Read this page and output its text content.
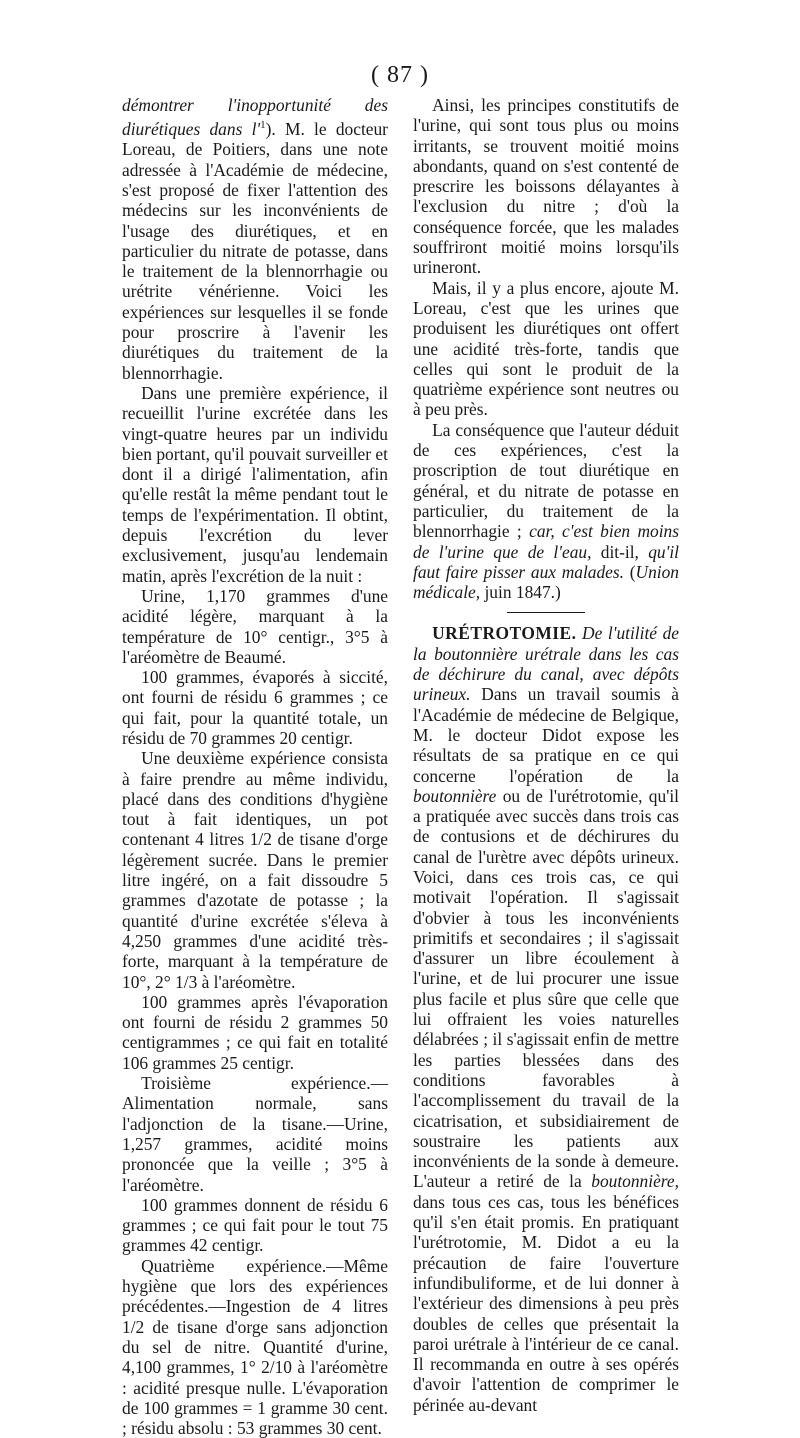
( 87 )

démontrer l'inopportunité des diurétiques dans $l'^1$). M. le docteur Loreau, de Poitiers, dans une note adressée à l'Académie de médecine, s'est proposé de fixer l'attention des médecins sur les inconvénients de l'usage des diurétiques, et en particulier du nitrate de potasse, dans le traitement de la blennorrhagie ou urétrite vénérienne. Voici les expériences sur lesquelles il se fonde pour proscrire à l'avenir les diurétiques du traitement de la blennorrhagie.

Dans une première expérience, il recueillit l'urine excrétée dans les vingt-quatre heures par un individu bien portant, qu'il pouvait surveiller et dont il a dirigé l'alimentation, afin qu'elle restât la même pendant tout le temps de l'expérimentation. Il obtint, depuis l'excrétion du lever exclusivement, jusqu'au lendemain matin, après l'excrétion de la nuit :

Urine, 1,170 grammes d'une acidité légère, marquant à la température de 10° centigr., 3°5 à l'aréomètre de Beaumé.

100 grammes, évaporés à siccité, ont fourni de résidu 6 grammes ; ce qui fait, pour la quantité totale, un résidu de 70 grammes 20 centigr.

Une deuxième expérience consista à faire prendre au même individu, placé dans des conditions d'hygiène tout à fait identiques, un pot contenant 4 litres 1/2 de tisane d'orge légèrement sucrée. Dans le premier litre ingéré, on a fait dissoudre 5 grammes d'azotate de potasse ; la quantité d'urine excrétée s'éleva à 4,250 grammes d'une acidité très-forte, marquant à la température de 10°, 2° 1/3 à l'aréomètre.

100 grammes après l'évaporation ont fourni de résidu 2 grammes 50 centigrammes ; ce qui fait en totalité 106 grammes 25 centigr.

Troisième expérience.—Alimentation normale, sans l'adjonction de la tisane.—Urine, 1,257 grammes, acidité moins prononcée que la veille ; 3°5 à l'aréomètre.

100 grammes donnent de résidu 6 grammes ; ce qui fait pour le tout 75 grammes 42 centigr.

Quatrième expérience.—Même hygiène que lors des expériences précédentes.—Ingestion de 4 litres 1/2 de tisane d'orge sans adjonction du sel de nitre. Quantité d'urine, 4,100 grammes, 1° 2/10 à l'aréomètre : acidité presque nulle. L'évaporation de 100 grammes = 1 gramme 30 cent. ; résidu absolu : 53 grammes 30 cent.

Ainsi, les principes constitutifs de l'urine, qui sont tous plus ou moins irritants, se trouvent moitié moins abondants, quand on s'est contenté de prescrire les boissons délayantes à l'exclusion du nitre ; d'où la conséquence forcée, que les malades souffriront moitié moins lorsqu'ils urineront.

Mais, il y a plus encore, ajoute M. Loreau, c'est que les urines que produisent les diurétiques ont offert une acidité très-forte, tandis que celles qui sont le produit de la quatrième expérience sont neutres ou à peu près.

La conséquence que l'auteur déduit de ces expériences, c'est la proscription de tout diurétique en général, et du nitrate de potasse en particulier, du traitement de la blennorrhagie ; car, c'est bien moins de l'urine que de l'eau, dit-il, qu'il faut faire pisser aux malades. (Union médicale, juin 1847.)

URÉTROTOMIE. De l'utilité de la boutonnière urétrale dans les cas de déchirure du canal, avec dépôts urineux. Dans un travail soumis à l'Académie de médecine de Belgique, M. le docteur Didot expose les résultats de sa pratique en ce qui concerne l'opération de la boutonnière ou de l'urétrotomie, qu'il a pratiquée avec succès dans trois cas de contusions et de déchirures du canal de l'urètre avec dépôts urineux. Voici, dans ces trois cas, ce qui motivait l'opération. Il s'agissait d'obvier à tous les inconvénients primitifs et secondaires ; il s'agissait d'assurer un libre écoulement à l'urine, et de lui procurer une issue plus facile et plus sûre que celle que lui offraient les voies naturelles délabrées ; il s'agissait enfin de mettre les parties blessées dans des conditions favorables à l'accomplissement du travail de la cicatrisation, et subsidiairement de soustraire les patients aux inconvénients de la sonde à demeure. L'auteur a retiré de la boutonnière, dans tous ces cas, tous les bénéfices qu'il s'en était promis. En pratiquant l'urétrotomie, M. Didot a eu la précaution de faire l'ouverture infundibuliforme, et de lui donner à l'extérieur des dimensions à peu près doubles de celles que présentait la paroi urétrale à l'intérieur de ce canal. Il recommanda en outre à ses opérés d'avoir l'attention de comprimer le périnée au-devant
